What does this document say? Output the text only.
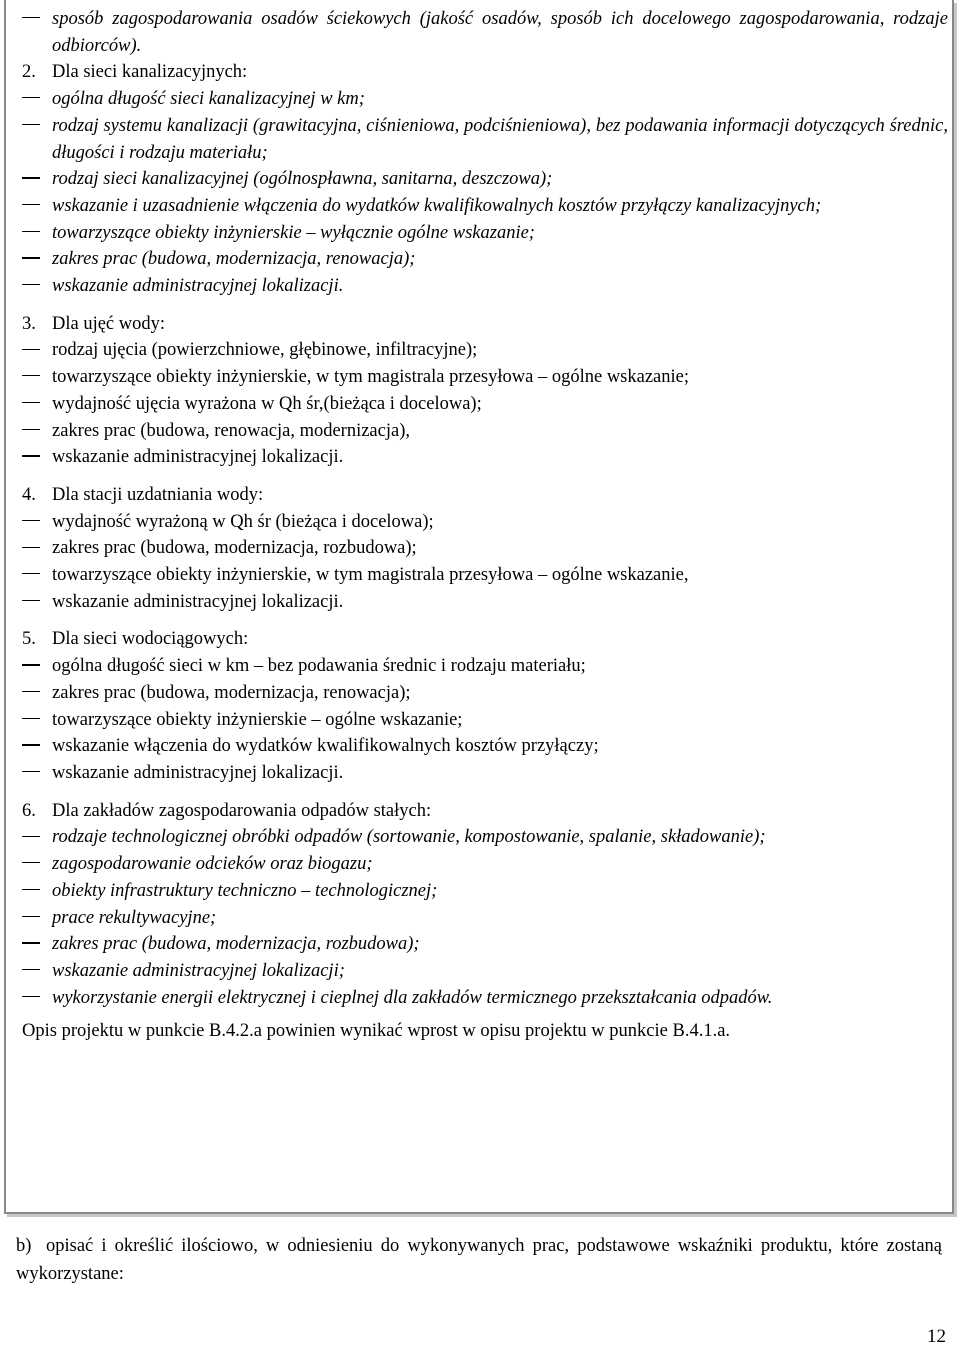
sposób zagospodarowania osadów ściekowych (jakość osadów, sposób ich docelowego zagospodarowania, rodzaje odbiorców).
2. Dla sieci kanalizacyjnych:
ogólna długość sieci kanalizacyjnej w km;
rodzaj systemu kanalizacji (grawitacyjna, ciśnieniowa, podciśnieniowa), bez podawania informacji dotyczących średnic, długości i rodzaju materiału;
rodzaj sieci kanalizacyjnej (ogólnospławna, sanitarna, deszczowa);
wskazanie i uzasadnienie włączenia do wydatków kwalifikowalnych kosztów przyłączy kanalizacyjnych;
towarzyszące obiekty inżynierskie – wyłącznie ogólne wskazanie;
zakres prac (budowa, modernizacja, renowacja);
wskazanie administracyjnej lokalizacji.
3. Dla ujęć wody:
rodzaj ujęcia (powierzchniowe, głębinowe, infiltracyjne);
towarzyszące obiekty inżynierskie, w tym magistrala przesyłowa – ogólne wskazanie;
wydajność ujęcia wyrażona w Qh śr,(bieżąca i docelowa);
zakres prac (budowa, renowacja, modernizacja),
wskazanie administracyjnej lokalizacji.
4. Dla stacji uzdatniania wody:
wydajność wyrażoną w Qh śr (bieżąca i docelowa);
zakres prac (budowa, modernizacja, rozbudowa);
towarzyszące obiekty inżynierskie, w tym magistrala przesyłowa – ogólne wskazanie,
wskazanie administracyjnej lokalizacji.
5. Dla sieci wodociągowych:
ogólna długość sieci w km – bez podawania średnic i rodzaju materiału;
zakres prac (budowa, modernizacja, renowacja);
towarzyszące obiekty inżynierskie – ogólne wskazanie;
wskazanie włączenia do wydatków kwalifikowalnych kosztów przyłączy;
wskazanie administracyjnej lokalizacji.
6. Dla zakładów zagospodarowania odpadów stałych:
rodzaje technologicznej obróbki odpadów (sortowanie, kompostowanie, spalanie, składowanie);
zagospodarowanie odcieków oraz biogazu;
obiekty infrastruktury techniczno – technologicznej;
prace rekultywacyjne;
zakres prac (budowa, modernizacja, rozbudowa);
wskazanie administracyjnej lokalizacji;
wykorzystanie energii elektrycznej i cieplnej dla zakładów termicznego przekształcania odpadów.
Opis projektu w punkcie B.4.2.a powinien wynikać wprost w opisu projektu w punkcie B.4.1.a.
b) opisać i określić ilościowo, w odniesieniu do wykonywanych prac, podstawowe wskaźniki produktu, które zostaną wykorzystane:
12
